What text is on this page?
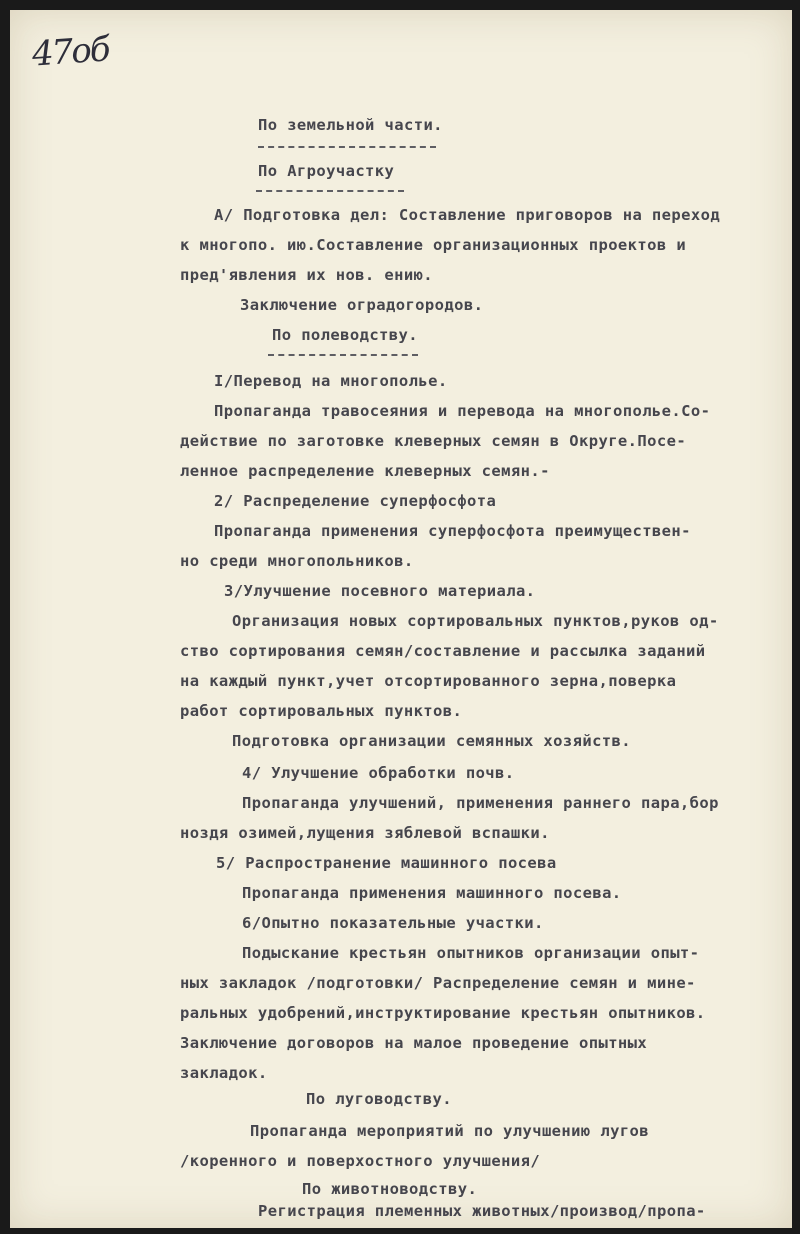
47об
По земельной части.
По Агроучастку
А/ Подготовка дел: Составление приговоров на переход
к многопо. ию.Составление организационных проектов и
пред'явления их нов. ению.
Заключение оградогородов.
По полеводству.
I/Перевод на многополье.
Пропаганда травосеяния и перевода на многополье.Со-
действие по заготовке клеверных семян в Округе.Посе-
ленное распределение клеверных семян.-
2/ Распределение суперфосфота
Пропаганда применения суперфосфота преимуществен-
но среди многопольников.
3/Улучшение посевного материала.
Организация новых сортировальных пунктов,руков од-
ство сортирования семян/составление и рассылка заданий
на каждый пункт,учет отсортированного зерна,поверка
работ сортировальных пунктов.
Подготовка организации семянных хозяйств.
4/ Улучшение обработки почв.
Пропаганда улучшений, применения раннего пара,бор
ноздя озимей,лущения зяблевой вспашки.
5/ Распространение машинного посева
Пропаганда применения машинного посева.
6/Опытно показательные участки.
Подыскание крестьян опытников организации опыт-
ных закладок /подготовки/ Распределение семян и мине-
ральных удобрений,инструктирование крестьян опытников.
Заключение договоров на малое проведение опытных
закладок.
По луговодству.
Пропаганда мероприятий по улучшению лугов
/коренного и поверхостного улучшения/
По животноводству.
Регистрация племенных животных/производ/пропа-
